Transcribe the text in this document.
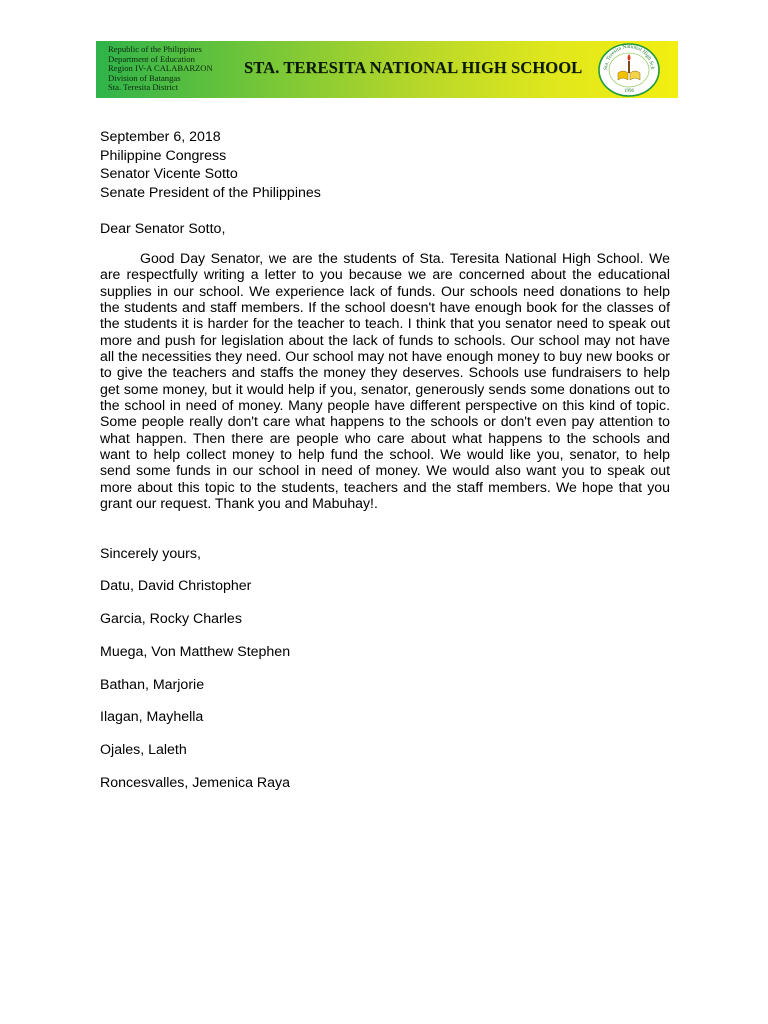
Republic of the Philippines
Department of Education
Region IV-A CALABARZON
Division of Batangas
Sta. Teresita District
STA. TERESITA NATIONAL HIGH SCHOOL	Sta. Teresita National High Sch
1996
September 6, 2018
Philippine Congress
Senator Vicente Sotto
Senate President of the Philippines
Dear Senator Sotto,
Good Day Senator, we are the students of Sta. Teresita National High School. We are respectfully writing a letter to you because we are concerned about the educational supplies in our school. We experience lack of funds. Our schools need donations to help the students and staff members. If the school doesn't have enough book for the classes of the students it is harder for the teacher to teach. I think that you senator need to speak out more and push for legislation about the lack of funds to schools. Our school may not have all the necessities they need. Our school may not have enough money to buy new books or to give the teachers and staffs the money they deserves. Schools use fundraisers to help get some money, but it would help if you, senator, generously sends some donations out to the school in need of money. Many people have different perspective on this kind of topic. Some people really don't care what happens to the schools or don't even pay attention to what happen. Then there are people who care about what happens to the schools and want to help collect money to help fund the school. We would like you, senator, to help send some funds in our school in need of money. We would also want you to speak out more about this topic to the students, teachers and the staff members. We hope that you grant our request. Thank you and Mabuhay!.
Sincerely yours,
Datu, David Christopher
Garcia, Rocky Charles
Muega, Von Matthew Stephen
Bathan, Marjorie
Ilagan, Mayhella
Ojales, Laleth
Roncesvalles, Jemenica Raya
